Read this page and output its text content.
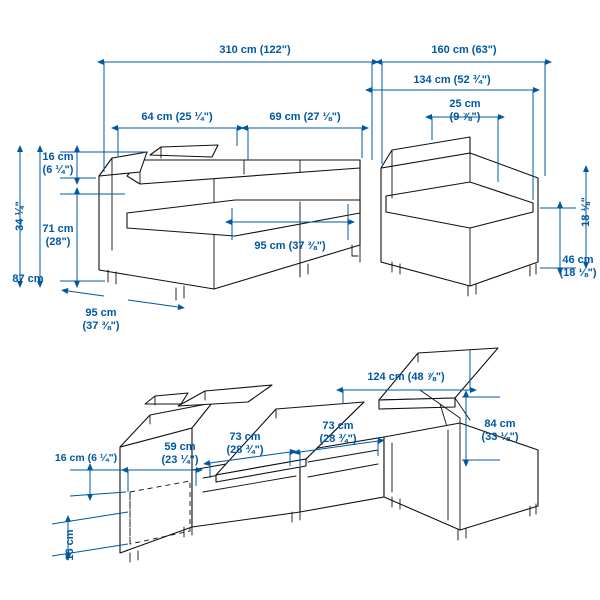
310 cm (122")	160 cm (63")
134 cm (52 ¾")
64 cm (25 ¼")	69 cm (27 ⅛")
25 cm
(9 ⅞")
16 cm
(6 ¼")
34 ¼" 71 cm
(28")
87 cm
95 cm (37 ⅜")
95 cm
(37 ⅜")
46 cm
(18 ⅛")
18 ⅛"
124 cm (48 ⅞")
59 cm
(23 ¼")
73 cm
(28 ¾")
73 cm
(28 ¾")
84 cm
(33 ⅛")
16 cm (6 ¼")
16 cm
